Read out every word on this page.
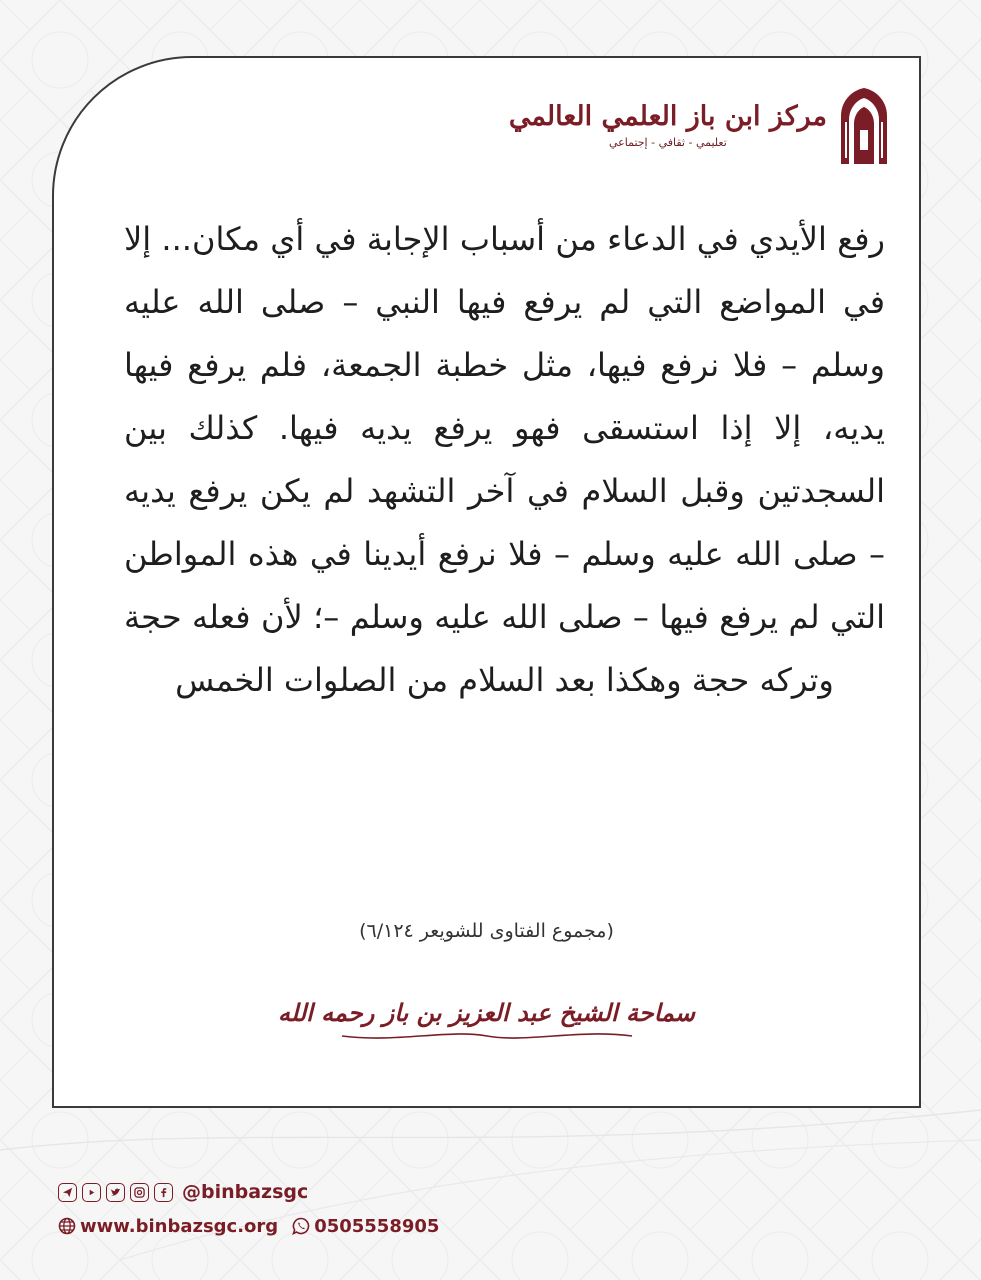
مركز ابن باز العلمي العالمي
تعليمي - ثقافي - إجتماعي
رفع الأيدي في الدعاء من أسباب الإجابة في أي مكان... إلا في المواضع التي لم يرفع فيها النبي – صلى الله عليه وسلم – فلا نرفع فيها، مثل خطبة الجمعة، فلم يرفع فيها يديه، إلا إذا استسقى فهو يرفع يديه فيها. كذلك بين السجدتين وقبل السلام في آخر التشهد لم يكن يرفع يديه – صلى الله عليه وسلم – فلا نرفع أيدينا في هذه المواطن التي لم يرفع فيها – صلى الله عليه وسلم –؛ لأن فعله حجة وتركه حجة وهكذا بعد السلام من الصلوات الخمس
(مجموع الفتاوى للشويعر ٦/١٢٤)
سماحة الشيخ عبد العزيز بن باز رحمه الله
@binbazsgc
www.binbazsgc.org 0505558905
